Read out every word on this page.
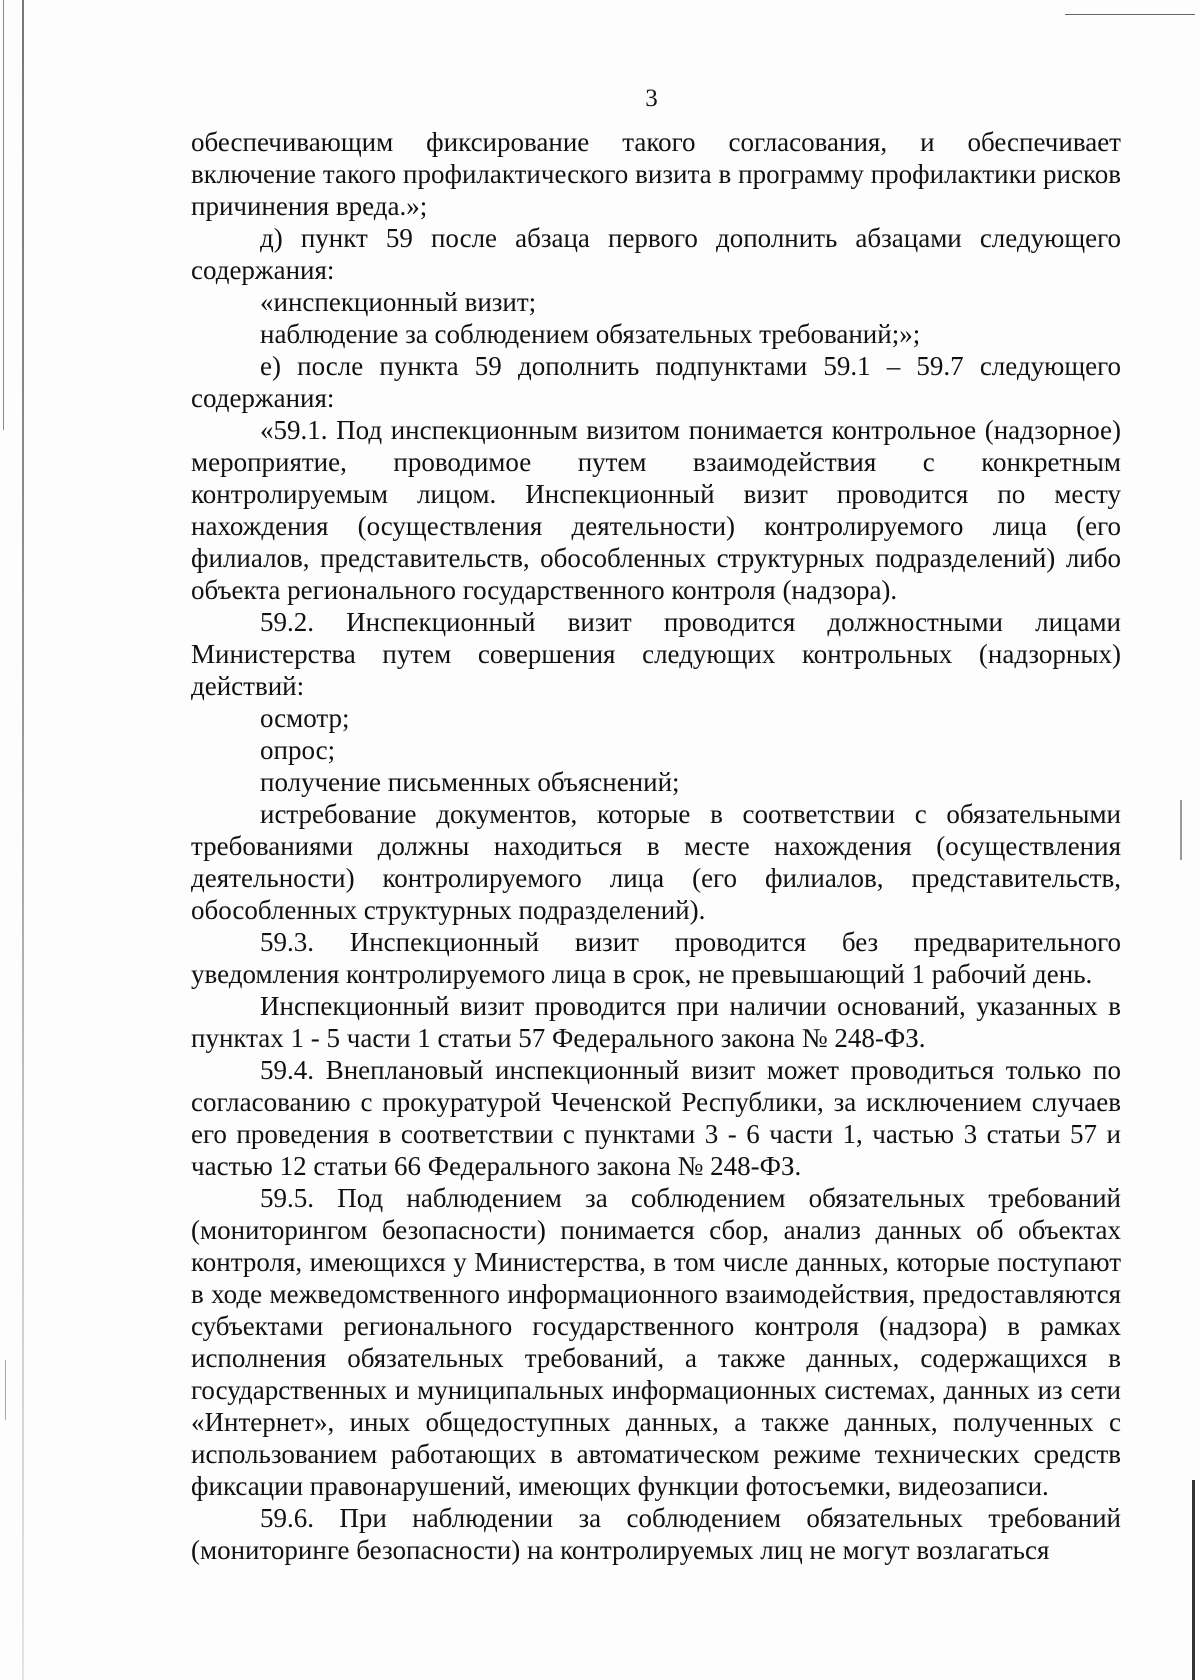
3

обеспечивающим фиксирование такого согласования, и обеспечивает включение такого профилактического визита в программу профилактики рисков причинения вреда.»;

д) пункт 59 после абзаца первого дополнить абзацами следующего содержания:

«инспекционный визит;

наблюдение за соблюдением обязательных требований;»;

е) после пункта 59 дополнить подпунктами 59.1 – 59.7 следующего содержания:

«59.1. Под инспекционным визитом понимается контрольное (надзорное) мероприятие, проводимое путем взаимодействия с конкретным контролируемым лицом. Инспекционный визит проводится по месту нахождения (осуществления деятельности) контролируемого лица (его филиалов, представительств, обособленных структурных подразделений) либо объекта регионального государственного контроля (надзора).

59.2. Инспекционный визит проводится должностными лицами Министерства путем совершения следующих контрольных (надзорных) действий:

осмотр;

опрос;

получение письменных объяснений;

истребование документов, которые в соответствии с обязательными требованиями должны находиться в месте нахождения (осуществления деятельности) контролируемого лица (его филиалов, представительств, обособленных структурных подразделений).

59.3. Инспекционный визит проводится без предварительного уведомления контролируемого лица в срок, не превышающий 1 рабочий день.

Инспекционный визит проводится при наличии оснований, указанных в пунктах 1 - 5 части 1 статьи 57 Федерального закона № 248-ФЗ.

59.4. Внеплановый инспекционный визит может проводиться только по согласованию с прокуратурой Чеченской Республики, за исключением случаев его проведения в соответствии с пунктами 3 - 6 части 1, частью 3 статьи 57 и частью 12 статьи 66 Федерального закона № 248-ФЗ.

59.5. Под наблюдением за соблюдением обязательных требований (мониторингом безопасности) понимается сбор, анализ данных об объектах контроля, имеющихся у Министерства, в том числе данных, которые поступают в ходе межведомственного информационного взаимодействия, предоставляются субъектами регионального государственного контроля (надзора) в рамках исполнения обязательных требований, а также данных, содержащихся в государственных и муниципальных информационных системах, данных из сети «Интернет», иных общедоступных данных, а также данных, полученных с использованием работающих в автоматическом режиме технических средств фиксации правонарушений, имеющих функции фотосъемки, видеозаписи.

59.6. При наблюдении за соблюдением обязательных требований (мониторинге безопасности) на контролируемых лиц не могут возлагаться
